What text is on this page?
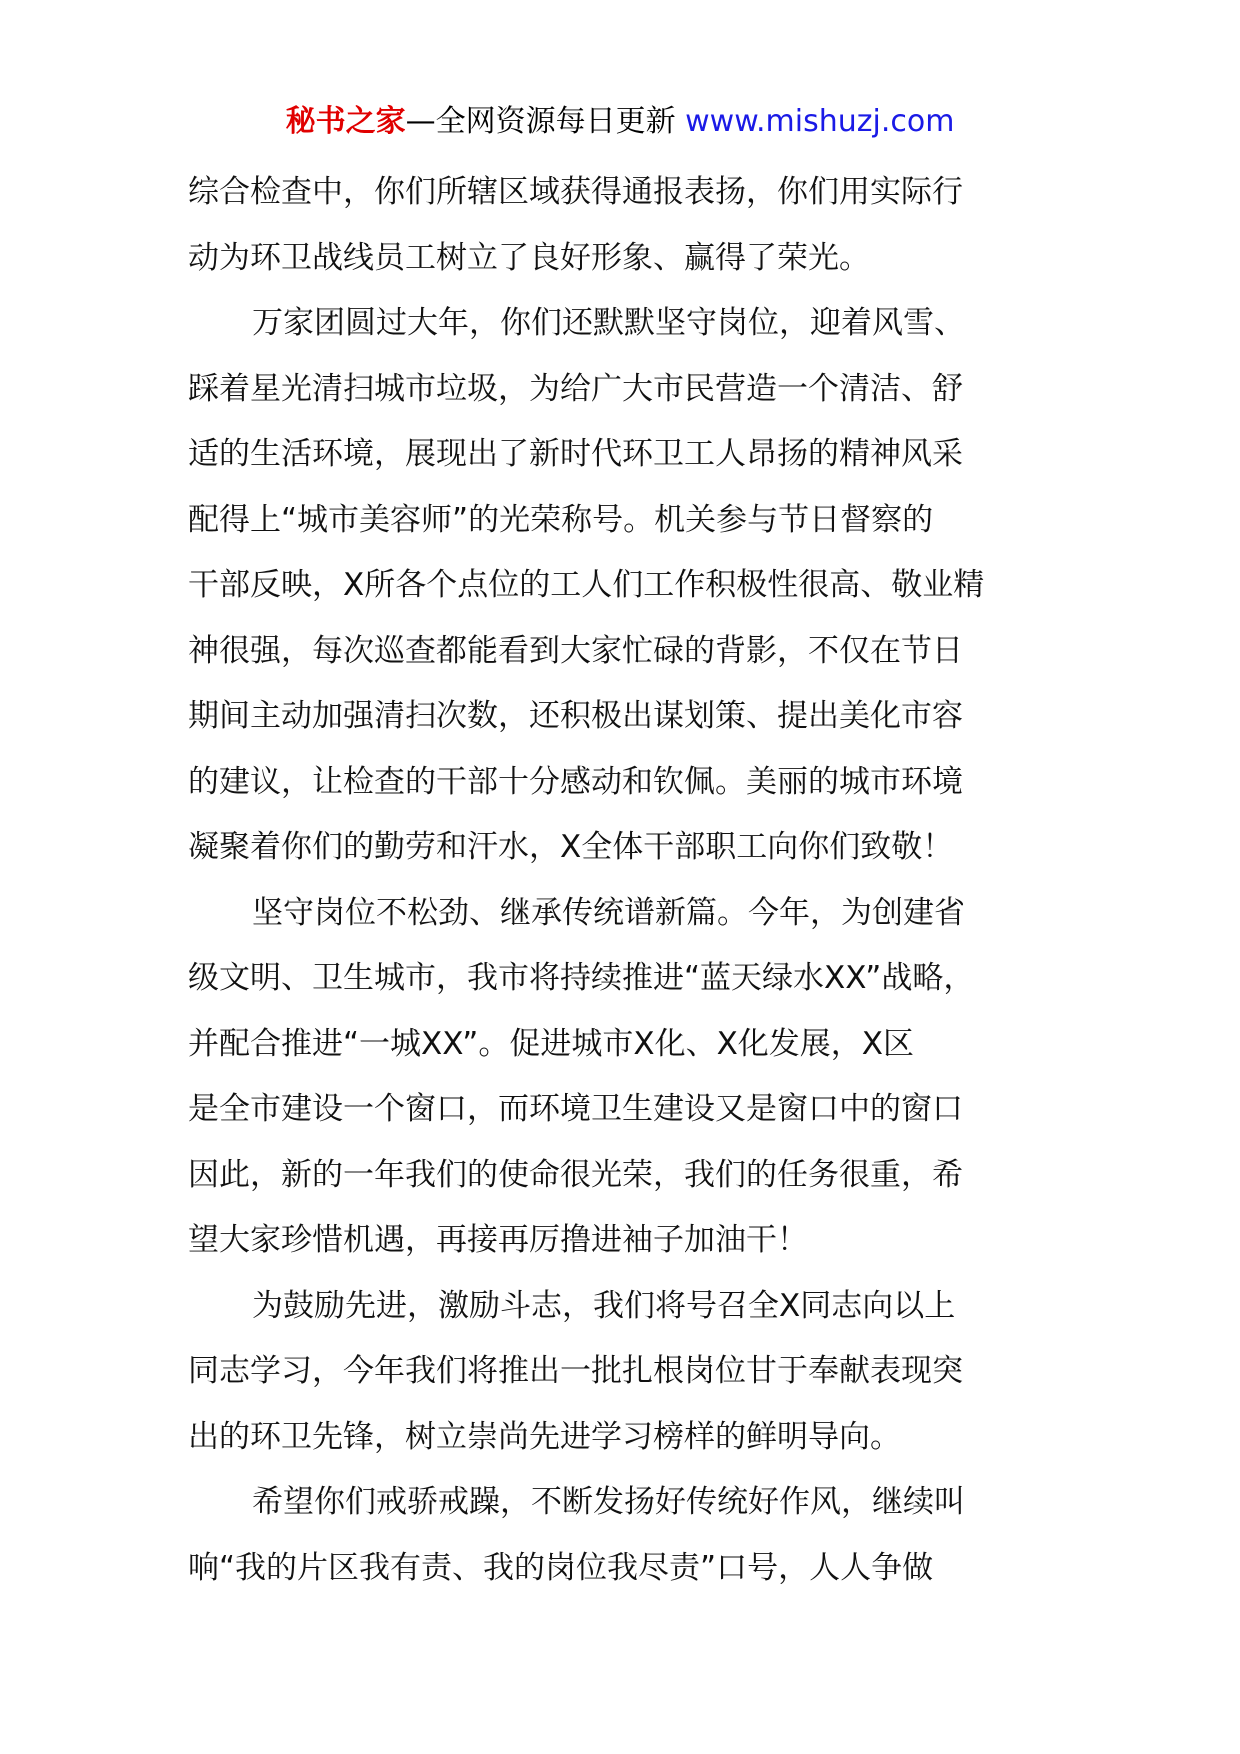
秘书之家—全网资源每日更新 www.mishuzj.com
综合检查中，你们所辖区域获得通报表扬，你们用实际行
动为环卫战线员工树立了良好形象、赢得了荣光。
万家团圆过大年，你们还默默坚守岗位，迎着风雪、
踩着星光清扫城市垃圾，为给广大市民营造一个清洁、舒
适的生活环境，展现出了新时代环卫工人昂扬的精神风采
配得上“城市美容师”的光荣称号。机关参与节日督察的
干部反映，X所各个点位的工人们工作积极性很高、敬业精
神很强，每次巡查都能看到大家忙碌的背影，不仅在节日
期间主动加强清扫次数，还积极出谋划策、提出美化市容
的建议，让检查的干部十分感动和钦佩。美丽的城市环境
凝聚着你们的勤劳和汗水，X全体干部职工向你们致敬！
坚守岗位不松劲、继承传统谱新篇。今年，为创建省
级文明、卫生城市，我市将持续推进“蓝天绿水XX”战略，
并配合推进“一城XX”。促进城市X化、X化发展，X区
是全市建设一个窗口，而环境卫生建设又是窗口中的窗口
因此，新的一年我们的使命很光荣，我们的任务很重，希
望大家珍惜机遇，再接再厉撸进袖子加油干！
为鼓励先进，激励斗志，我们将号召全X同志向以上
同志学习，今年我们将推出一批扎根岗位甘于奉献表现突
出的环卫先锋，树立崇尚先进学习榜样的鲜明导向。
希望你们戒骄戒躁，不断发扬好传统好作风，继续叫
响“我的片区我有责、我的岗位我尽责”口号，人人争做
